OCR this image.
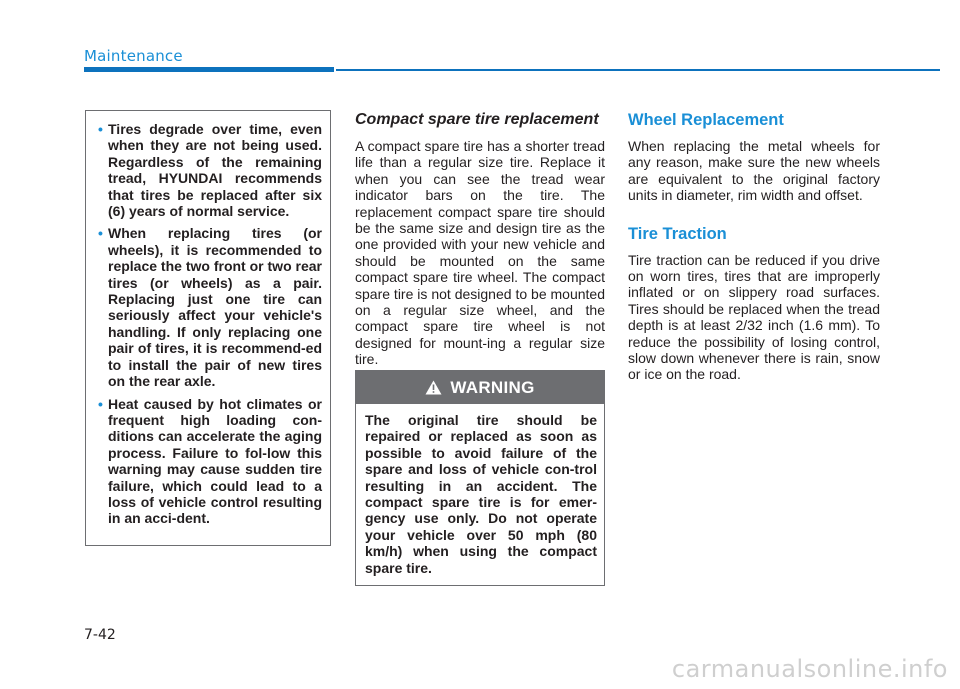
Maintenance
• Tires degrade over time, even when they are not being used. Regardless of the remaining tread, HYUNDAI recommends that tires be replaced after six (6) years of normal service.
• When replacing tires (or wheels), it is recommended to replace the two front or two rear tires (or wheels) as a pair. Replacing just one tire can seriously affect your vehicle's handling. If only replacing one pair of tires, it is recommend-ed to install the pair of new tires on the rear axle.
• Heat caused by hot climates or frequent high loading con-ditions can accelerate the aging process. Failure to fol-low this warning may cause sudden tire failure, which could lead to a loss of vehicle control resulting in an acci-dent.
Compact spare tire replacement

A compact spare tire has a shorter tread life than a regular size tire. Replace it when you can see the tread wear indicator bars on the tire. The replacement compact spare tire should be the same size and design tire as the one provided with your new vehicle and should be mounted on the same compact spare tire wheel. The compact spare tire is not designed to be mounted on a regular size wheel, and the compact spare tire wheel is not designed for mount-ing a regular size tire.

WARNING
The original tire should be repaired or replaced as soon as possible to avoid failure of the spare and loss of vehicle con-trol resulting in an accident. The compact spare tire is for emer-gency use only. Do not operate your vehicle over 50 mph (80 km/h) when using the compact spare tire.
Wheel Replacement

When replacing the metal wheels for any reason, make sure the new wheels are equivalent to the original factory units in diameter, rim width and offset.

Tire Traction

Tire traction can be reduced if you drive on worn tires, tires that are improperly inflated or on slippery road surfaces. Tires should be replaced when the tread depth is at least 2/32 inch (1.6 mm). To reduce the possibility of losing control, slow down whenever there is rain, snow or ice on the road.

7-42
carmanualsonline.info
